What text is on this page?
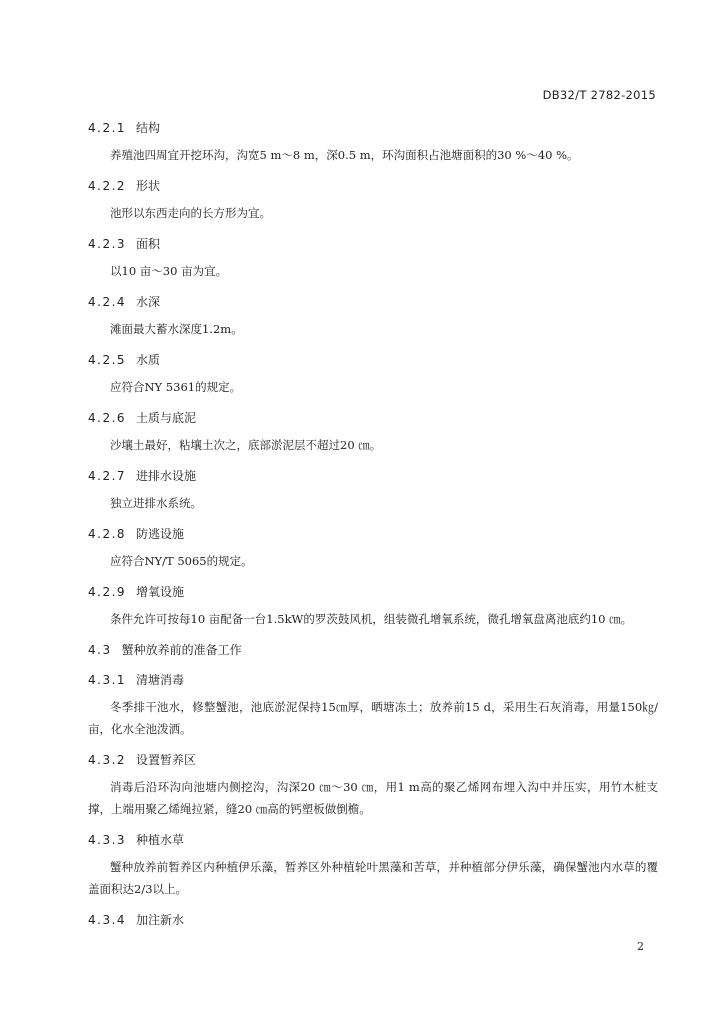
DB32/T 2782-2015
4.2.1 结构
养殖池四周宜开挖环沟，沟宽5 m～8 m，深0.5 m，环沟面积占池塘面积的30 %～40 %。
4.2.2 形状
池形以东西走向的长方形为宜。
4.2.3 面积
以10 亩～30 亩为宜。
4.2.4 水深
滩面最大蓄水深度1.2m。
4.2.5 水质
应符合NY 5361的规定。
4.2.6 土质与底泥
沙壤土最好，粘壤土次之，底部淤泥层不超过20 ㎝。
4.2.7 进排水设施
独立进排水系统。
4.2.8 防逃设施
应符合NY/T 5065的规定。
4.2.9 增氧设施
条件允许可按每10 亩配备一台1.5kW的罗茨鼓风机，组装微孔增氧系统，微孔增氧盘离池底约10 ㎝。
4.3 蟹种放养前的准备工作
4.3.1 清塘消毒
冬季排干池水，修整蟹池，池底淤泥保持15㎝厚，晒塘冻土；放养前15 d，采用生石灰消毒，用量150㎏/亩，化水全池泼洒。
4.3.2 设置暂养区
消毒后沿环沟向池塘内侧挖沟，沟深20 ㎝～30 ㎝，用1 m高的聚乙烯网布埋入沟中并压实，用竹木桩支撑，上端用聚乙烯绳拉紧，缝20 ㎝高的钙塑板做倒檐。
4.3.3 种植水草
蟹种放养前暂养区内种植伊乐藻，暂养区外种植轮叶黑藻和苦草，并种植部分伊乐藻，确保蟹池内水草的覆盖面积达2/3以上。
4.3.4 加注新水
2
